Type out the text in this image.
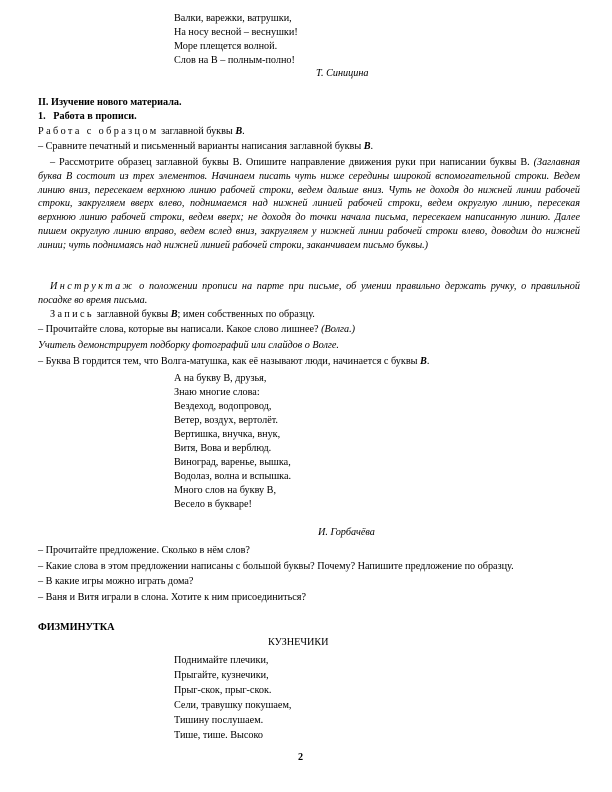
Валки, варежки, ватрушки,
На носу весной – веснушки!
Море плещется волной.
Слов на В – полным-полно!
Т. Синицина
II. Изучение нового материала.
1.   Работа в прописи.
Работа с образцом заглавной буквы В.
– Сравните печатный и письменный варианты написания заглавной буквы В.
– Рассмотрите образец заглавной буквы В. Опишите направление движения руки при написании буквы В. (Заглавная буква В состоит из трех элементов. Начинаем писать чуть ниже середины широкой вспомогательной строки. Ведем линию вниз, пересекаем верхнюю линию рабочей строки, ведем дальше вниз. Чуть не доходя до нижней линии рабочей строки, закругляем вверх влево, поднимаемся над нижней линией рабочей строки, ведем округлую линию, пересекая верхнюю линию рабочей строки, ведем вверх; не доходя до точки начала письма, пересекаем написанную линию. Далее пишем округлую линию вправо, ведем вслед вниз, закругляем у нижней линии рабочей строки влево, доводим до нижней линии; чуть поднимаясь над нижней линией рабочей строки, заканчиваем письмо буквы.)
Инструктаж о положении прописи на парте при письме, об умении правильно держать ручку, о правильной посадке во время письма.
Запись заглавной буквы В; имен собственных по образцу.
– Прочитайте слова, которые вы написали. Какое слово лишнее? (Волга.)
Учитель демонстрирует подборку фотографий или слайдов о Волге.
– Буква В гордится тем, что Волга-матушка, как её называют люди, начинается с буквы В.
А на букву В, друзья,
Знаю многие слова:
Вездеход, водопровод,
Ветер, воздух, вертолёт.
Вертишка, внучка, внук,
Витя, Вова и верблюд.
Виноград, варенье, вышка,
Водолаз, волна и вспышка.
Много слов на букву В,
Весело в букваре!
И. Горбачёва
– Прочитайте предложение. Сколько в нём слов?
– Какие слова в этом предложении написаны с большой буквы? Почему? Напишите предложение по образцу.
– В какие игры можно играть дома?
– Ваня и Витя играли в слона. Хотите к ним присоединиться?
ФИЗМИНУТКА
КУЗНЕЧИКИ
Поднимайте плечики,
Прыгайте, кузнечики,
Прыг-скок, прыг-скок.
Сели, травушку покушаем,
Тишину послушаем.
Тише, тише. Высоко
2
